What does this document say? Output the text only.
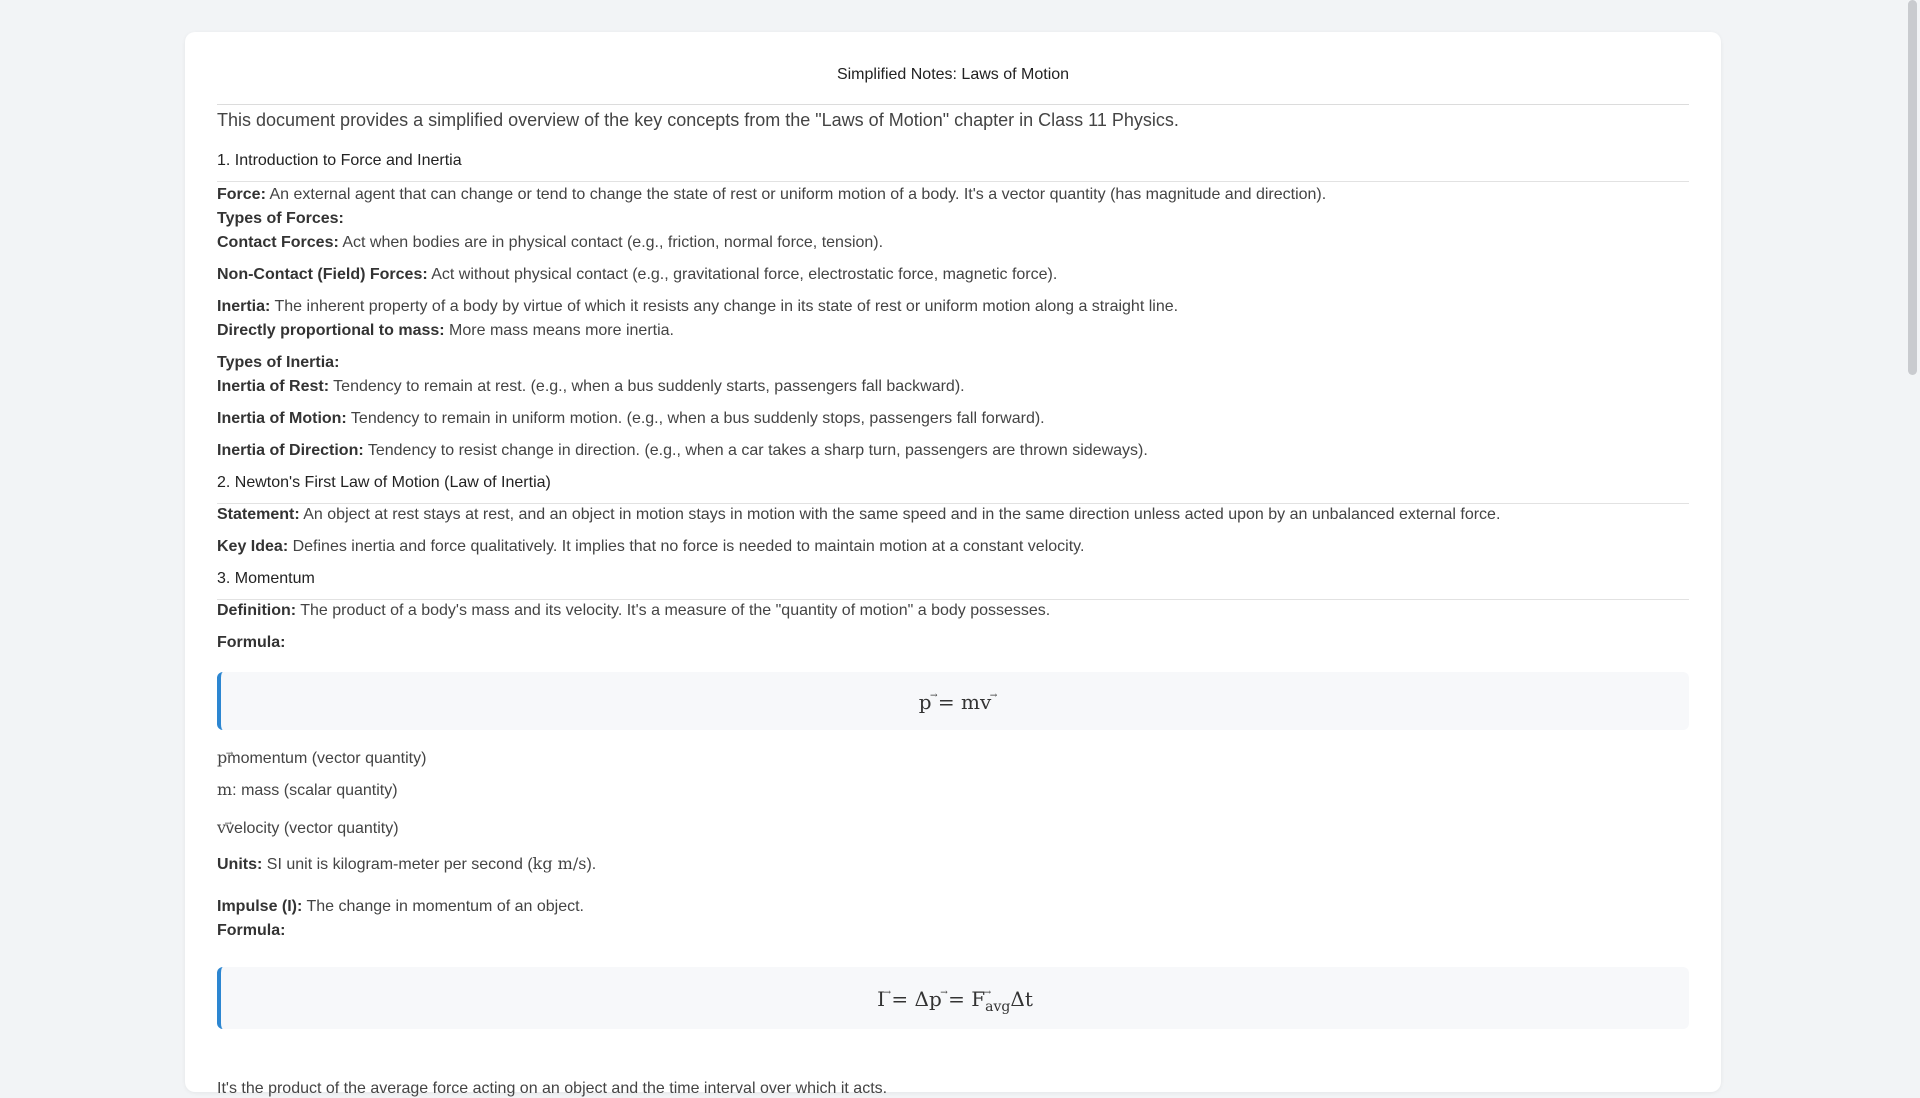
Simplified Notes: Laws of Motion
This document provides a simplified overview of the key concepts from the "Laws of Motion" chapter in Class 11 Physics.
1. Introduction to Force and Inertia
Force: An external agent that can change or tend to change the state of rest or uniform motion of a body. It's a vector quantity (has magnitude and direction).
Types of Forces:
Contact Forces: Act when bodies are in physical contact (e.g., friction, normal force, tension).
Non-Contact (Field) Forces: Act without physical contact (e.g., gravitational force, electrostatic force, magnetic force).
Inertia: The inherent property of a body by virtue of which it resists any change in its state of rest or uniform motion along a straight line.
Directly proportional to mass: More mass means more inertia.
Types of Inertia:
Inertia of Rest: Tendency to remain at rest. (e.g., when a bus suddenly starts, passengers fall backward).
Inertia of Motion: Tendency to remain in uniform motion. (e.g., when a bus suddenly stops, passengers fall forward).
Inertia of Direction: Tendency to resist change in direction. (e.g., when a car takes a sharp turn, passengers are thrown sideways).
2. Newton's First Law of Motion (Law of Inertia)
Statement: An object at rest stays at rest, and an object in motion stays in motion with the same speed and in the same direction unless acted upon by an unbalanced external force.
Key Idea: Defines inertia and force qualitatively. It implies that no force is needed to maintain motion at a constant velocity.
3. Momentum
Definition: The product of a body's mass and its velocity. It's a measure of the "quantity of motion" a body possesses.
Formula:
p → = mv →
p →momentum (vector quantity)
m: mass (scalar quantity)
v →velocity (vector quantity)
Units: SI unit is kilogram-meter per second (kg m/s).
Impulse (I): The change in momentum of an object.
Formula:
I → = Δp → = $F \to_{avg}\Delta t$
It's the product of the average force acting on an object and the time interval over which it acts.
